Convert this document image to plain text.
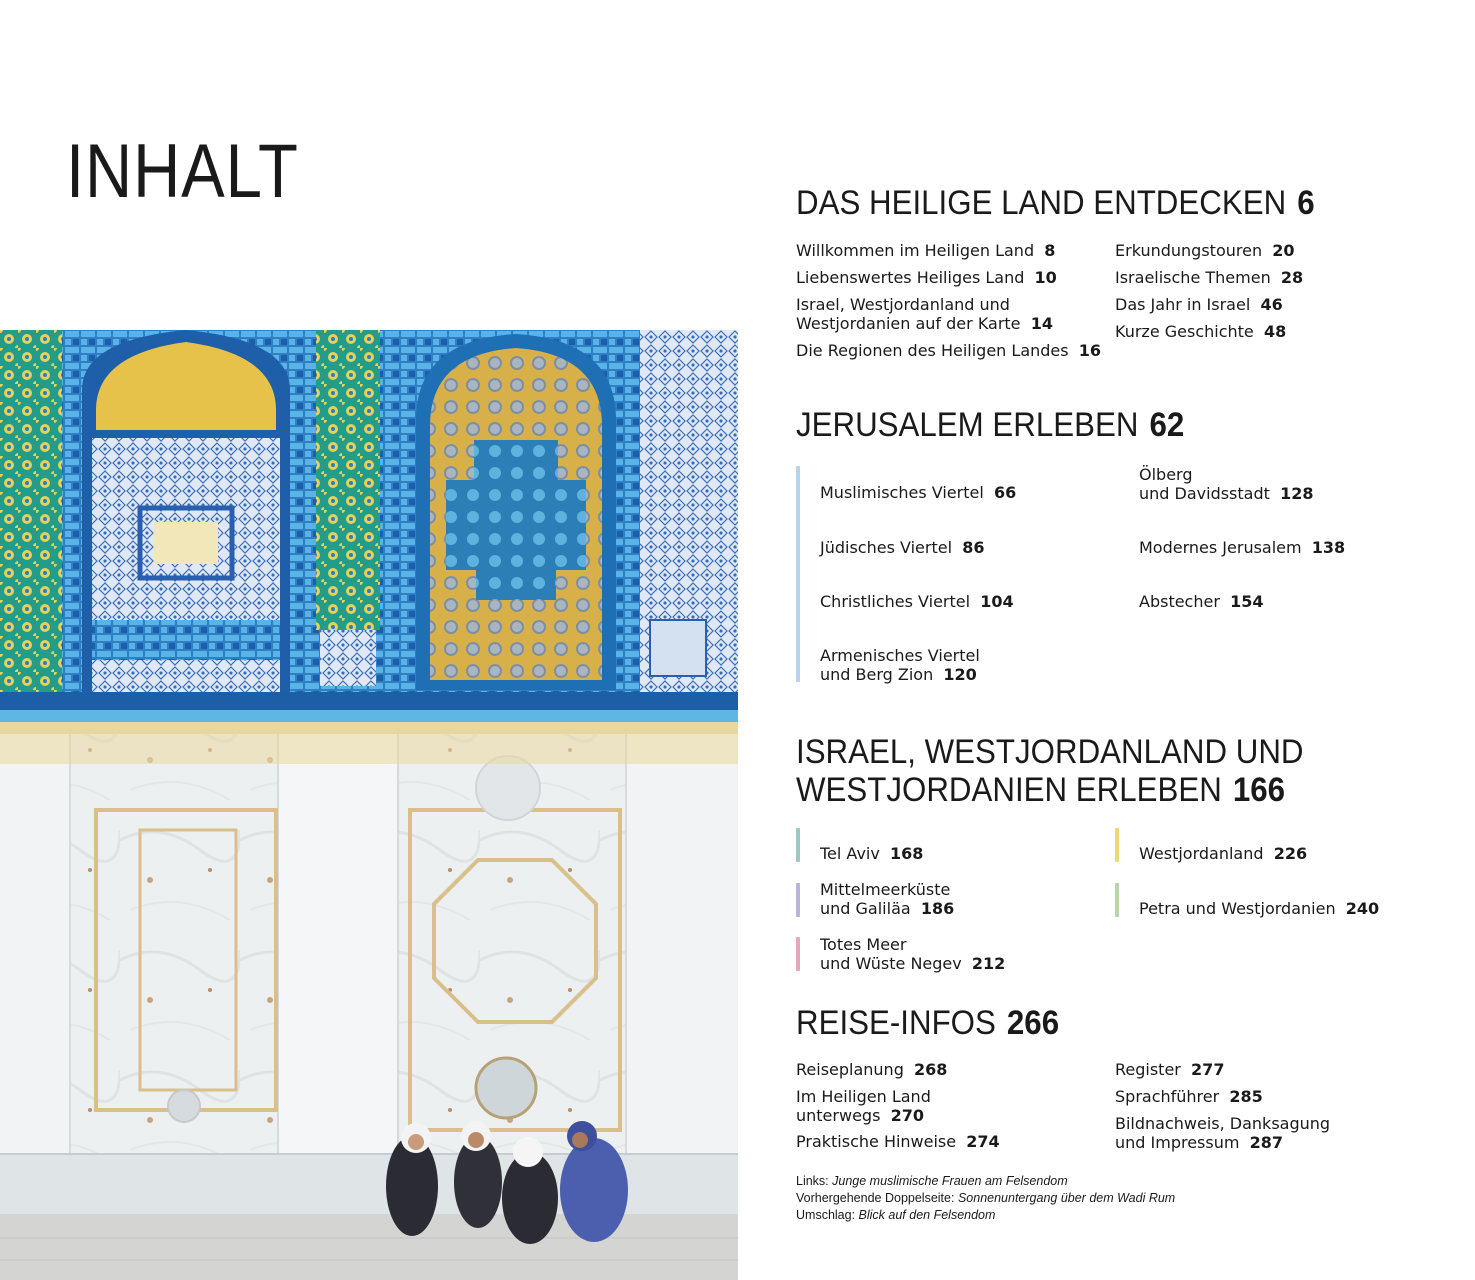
INHALT	DAS HEILIGE LAND ENTDECKEN 6
Willkommen im Heiligen Land 8
Liebenswertes Heiliges Land 10
Israel, Westjordanland und
Westjordanien auf der Karte 14
Die Regionen des Heiligen Landes 16
Erkundungstouren 20
Israelische Themen 28
Das Jahr in Israel 46
Kurze Geschichte 48
JERUSALEM ERLEBEN 62
Muslimisches Viertel 66
Jüdisches Viertel 86
Christliches Viertel 104
Armenisches Viertel
und Berg Zion 120
Ölberg
und Davidsstadt 128
Modernes Jerusalem 138
Abstecher 154
ISRAEL, WESTJORDANLAND UND WESTJORDANIEN ERLEBEN 166
Tel Aviv 168
Mittelmeerküste
und Galiläa 186
Totes Meer
und Wüste Negev 212
Westjordanland 226
Petra und Westjordanien 240
REISE-INFOS 266
Reiseplanung 268
Im Heiligen Land
unterwegs 270
Praktische Hinweise 274
Register 277
Sprachführer 285
Bildnachweis, Danksagung
und Impressum 287
Links: Junge muslimische Frauen am Felsendom
Vorhergehende Doppelseite: Sonnenuntergang über dem Wadi Rum
Umschlag: Blick auf den Felsendom
